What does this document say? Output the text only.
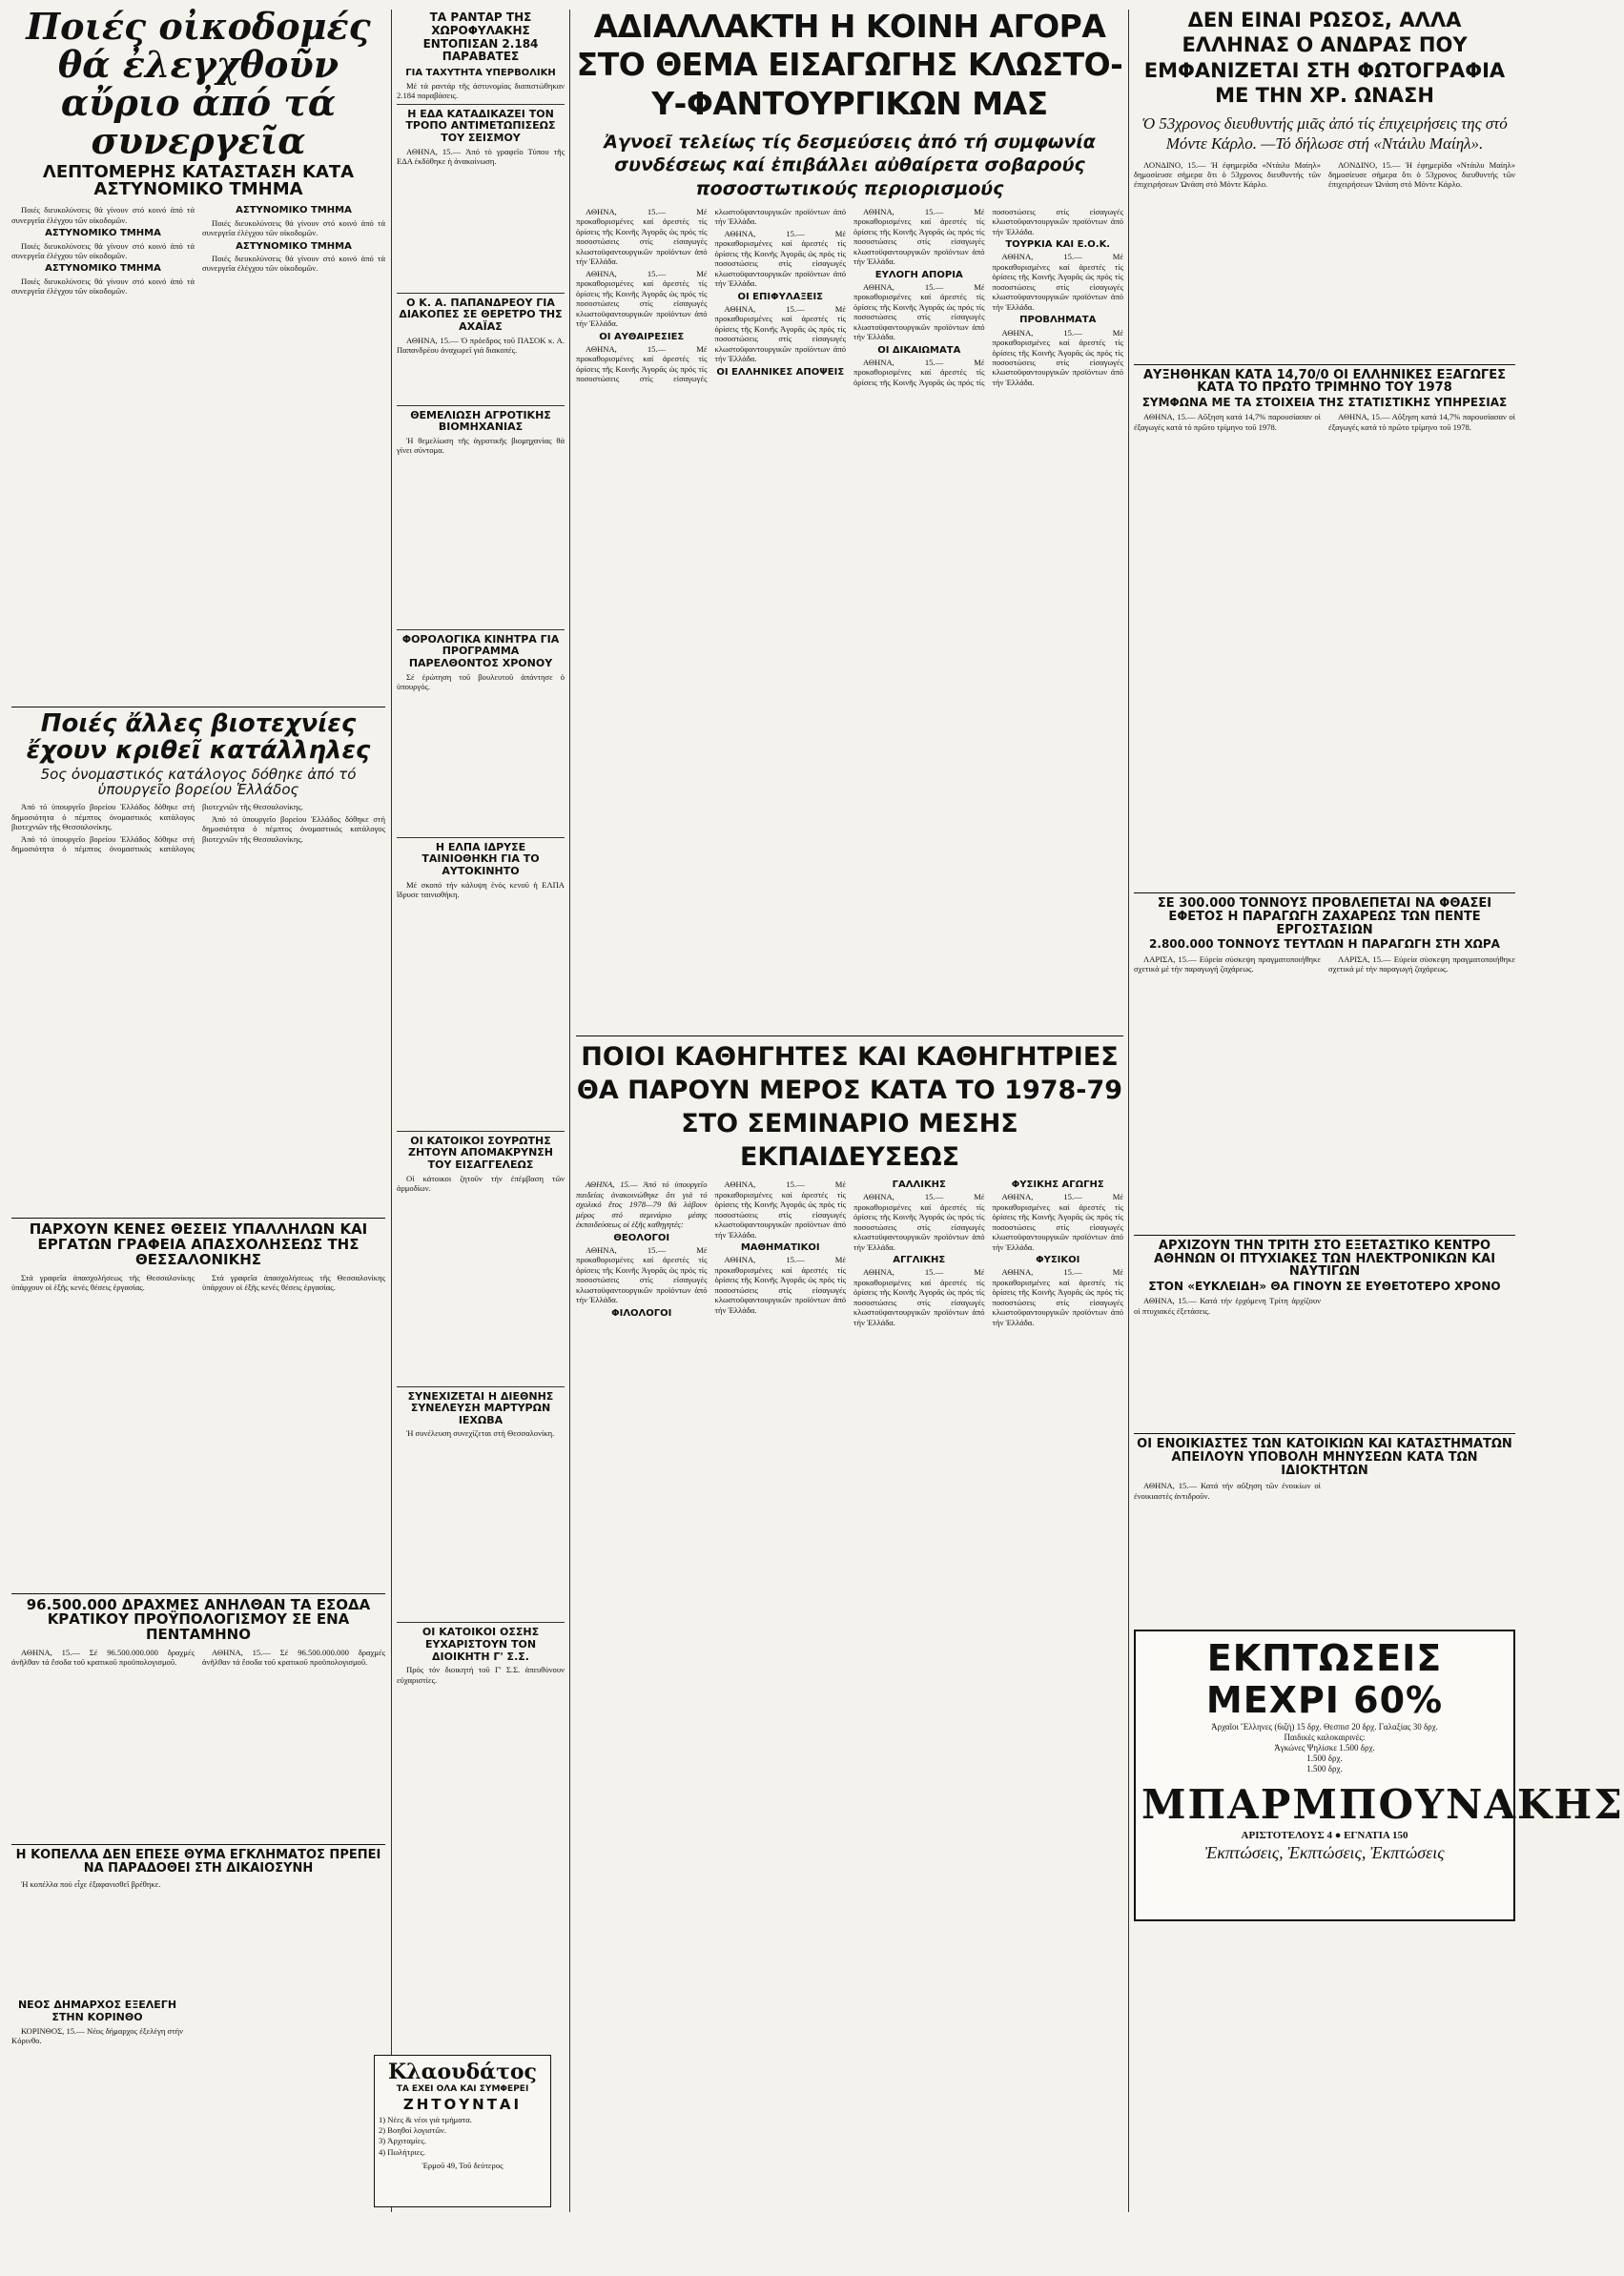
Ποιές οἰκοδομές θά ἐλεγχθοῦν αὔριο ἀπό τά συνεργεῖα
ΛΕΠΤΟΜΕΡΗΣ ΚΑΤΑΣΤΑΣΗ ΚΑΤΑ ΑΣΤΥΝΟΜΙΚΟ ΤΜΗΜΑ

Ποιές διευκολύνσεις θά γίνουν στό κοινό ἀπό τά συνεργεῖα ἐλέγχου τῶν οἰκοδομῶν.

ΑΣΤΥΝΟΜΙΚΟ ΤΜΗΜΑ

Ποιές διευκολύνσεις θά γίνουν στό κοινό ἀπό τά συνεργεῖα ἐλέγχου τῶν οἰκοδομῶν.

ΑΣΤΥΝΟΜΙΚΟ ΤΜΗΜΑ

Ποιές διευκολύνσεις θά γίνουν στό κοινό ἀπό τά συνεργεῖα ἐλέγχου τῶν οἰκοδομῶν.

ΑΣΤΥΝΟΜΙΚΟ ΤΜΗΜΑ

Ποιές διευκολύνσεις θά γίνουν στό κοινό ἀπό τά συνεργεῖα ἐλέγχου τῶν οἰκοδομῶν.

ΑΣΤΥΝΟΜΙΚΟ ΤΜΗΜΑ

Ποιές διευκολύνσεις θά γίνουν στό κοινό ἀπό τά συνεργεῖα ἐλέγχου τῶν οἰκοδομῶν.

Ποιές ἄλλες βιοτεχνίες ἔχουν κριθεῖ κατάλληλες
5ος ὀνομαστικός κατάλογος δόθηκε ἀπό τό ὑπουργεῖο βορείου Ἑλλάδος

Ἀπό τό ὑπουργεῖο βορείου Ἑλλάδος δόθηκε στή δημοσιότητα ὁ πέμπτος ὀνομαστικός κατάλογος βιοτεχνιῶν τῆς Θεσσαλονίκης.

Ἀπό τό ὑπουργεῖο βορείου Ἑλλάδος δόθηκε στή δημοσιότητα ὁ πέμπτος ὀνομαστικός κατάλογος βιοτεχνιῶν τῆς Θεσσαλονίκης.

Ἀπό τό ὑπουργεῖο βορείου Ἑλλάδος δόθηκε στή δημοσιότητα ὁ πέμπτος ὀνομαστικός κατάλογος βιοτεχνιῶν τῆς Θεσσαλονίκης.

ΠΑΡΧΟΥΝ ΚΕΝΕΣ ΘΕΣΕΙΣ ΥΠΑΛΛΗΛΩΝ ΚΑΙ ΕΡΓΑΤΩΝ ΓΡΑΦΕΙΑ ΑΠΑΣΧΟΛΗΣΕΩΣ ΤΗΣ ΘΕΣΣΑΛΟΝΙΚΗΣ

Στά γραφεῖα ἀπασχολήσεως τῆς Θεσσαλονίκης ὑπάρχουν οἱ ἑξῆς κενές θέσεις ἐργασίας.

Στά γραφεῖα ἀπασχολήσεως τῆς Θεσσαλονίκης ὑπάρχουν οἱ ἑξῆς κενές θέσεις ἐργασίας.

96.500.000 ΔΡΑΧΜΕΣ ΑΝΗΛΘΑΝ ΤΑ ΕΣΟΔΑ ΚΡΑΤΙΚΟΥ ΠΡΟΫΠΟΛΟΓΙΣΜΟΥ ΣΕ ΕΝΑ ΠΕΝΤΑΜΗΝΟ

ΑΘΗΝΑ, 15.— Σέ 96.500.000.000 δραχμές ἀνῆλθαν τά ἔσοδα τοῦ κρατικοῦ προϋπολογισμοῦ.

ΑΘΗΝΑ, 15.— Σέ 96.500.000.000 δραχμές ἀνῆλθαν τά ἔσοδα τοῦ κρατικοῦ προϋπολογισμοῦ.

Η ΚΟΠΕΛΛΑ ΔΕΝ ΕΠΕΣΕ ΘΥΜΑ ΕΓΚΛΗΜΑΤΟΣ ΠΡΕΠΕΙ ΝΑ ΠΑΡΑΔΟΘΕΙ ΣΤΗ ΔΙΚΑΙΟΣΥΝΗ

Ἡ κοπέλλα πού εἶχε ἐξαφανισθεῖ βρέθηκε.

ΝΕΟΣ ΔΗΜΑΡΧΟΣ ΕΞΕΛΕΓΗ ΣΤΗΝ ΚΟΡΙΝΘΟ

ΚΟΡΙΝΘΟΣ, 15.— Νέος δήμαρχος ἐξελέγη στήν Κόρινθο.

ΤΑ ΡΑΝΤΑΡ ΤΗΣ ΧΩΡΟΦΥΛΑΚΗΣ ΕΝΤΟΠΙΣΑΝ 2.184 ΠΑΡΑΒΑΤΕΣ
ΓΙΑ ΤΑΧΥΤΗΤΑ ΥΠΕΡΒΟΛΙΚΗ

Μέ τά ραντάρ τῆς ἀστυνομίας διαπιστώθηκαν 2.184 παραβάσεις.

Η ΕΔΑ ΚΑΤΑΔΙΚΑΖΕΙ ΤΟΝ ΤΡΟΠΟ ΑΝΤΙΜΕΤΩΠΙΣΕΩΣ ΤΟΥ ΣΕΙΣΜΟΥ

ΑΘΗΝΑ, 15.— Ἀπό τό γραφεῖο Τύπου τῆς ΕΔΑ ἐκδόθηκε ἡ ἀνακοίνωση.

Ο Κ. Α. ΠΑΠΑΝΔΡΕΟΥ ΓΙΑ ΔΙΑΚΟΠΕΣ ΣΕ ΘΕΡΕΤΡΟ ΤΗΣ ΑΧΑΪΑΣ

ΑΘΗΝΑ, 15.— Ὁ πρόεδρος τοῦ ΠΑΣΟΚ κ. Α. Παπανδρέου ἀναχωρεῖ γιά διακοπές.

ΘΕΜΕΛΙΩΣΗ ΑΓΡΟΤΙΚΗΣ ΒΙΟΜΗΧΑΝΙΑΣ

Ἡ θεμελίωση τῆς ἀγροτικῆς βιομηχανίας θά γίνει σύντομα.

ΦΟΡΟΛΟΓΙΚΑ ΚΙΝΗΤΡΑ ΓΙΑ ΠΡΟΓΡΑΜΜΑ ΠΑΡΕΛΘΟΝΤΟΣ ΧΡΟΝΟΥ

Σέ ἐρώτηση τοῦ βουλευτοῦ ἀπάντησε ὁ ὑπουργός.

Η ΕΛΠΑ ΙΔΡΥΣΕ ΤΑΙΝΙΟΘΗΚΗ ΓΙΑ ΤΟ ΑΥΤΟΚΙΝΗΤΟ

Μέ σκοπό τήν κάλυψη ἑνός κενοῦ ἡ ΕΛΠΑ ἵδρυσε ταινιοθήκη.

ΟΙ ΚΑΤΟΙΚΟΙ ΣΟΥΡΩΤΗΣ ΖΗΤΟΥΝ ΑΠΟΜΑΚΡΥΝΣΗ ΤΟΥ ΕΙΣΑΓΓΕΛΕΩΣ

Οἱ κάτοικοι ζητοῦν τήν ἐπέμβαση τῶν ἁρμοδίων.

ΣΥΝΕΧΙΖΕΤΑΙ Η ΔΙΕΘΝΗΣ ΣΥΝΕΛΕΥΣΗ ΜΑΡΤΥΡΩΝ ΙΕΧΩΒΑ

Ἡ συνέλευση συνεχίζεται στή Θεσσαλονίκη.

ΟΙ ΚΑΤΟΙΚΟΙ ΟΣΣΗΣ ΕΥΧΑΡΙΣΤΟΥΝ ΤΟΝ ΔΙΟΙΚΗΤΗ Γ' Σ.Σ.

Πρός τόν διοικητή τοῦ Γ' Σ.Σ. ἀπευθύνουν εὐχαριστίες.

Κλαουδάτος
ΤΑ ΕΧΕΙ ΟΛΑ ΚΑΙ ΣΥΜΦΕΡΕΙ
ΖΗΤΟΥΝΤΑΙ

1) Νέες & νέοι γιά τμήματα.

2) Βοηθοί λογιστῶν.

3) Ἀρχιταμίες.

4) Πωλήτριες.

Ἑρμοῦ 49, Τοῦ δεύτερος

ΑΔΙΑΛΛΑΚΤΗ Η ΚΟΙΝΗ ΑΓΟΡΑ ΣΤΟ ΘΕΜΑ ΕΙΣΑΓΩΓΗΣ ΚΛΩΣΤΟ-Υ-ΦΑΝΤΟΥΡΓΙΚΩΝ ΜΑΣ
Ἀγνοεῖ τελείως τίς δεσμεύσεις ἀπό τή συμφωνία συνδέσεως καί ἐπιβάλλει αὐθαίρετα σοβαρούς ποσοστωτικούς περιορισμούς

ΑΘΗΝΑ, 15.— Μέ προκαθορισμένες καί ἀρεστές τίς ὁρίσεις τῆς Κοινῆς Ἀγορᾶς ὡς πρός τίς ποσοστώσεις στίς εἰσαγωγές κλωστοϋφαντουργικῶν προϊόντων ἀπό τήν Ἑλλάδα.

ΑΘΗΝΑ, 15.— Μέ προκαθορισμένες καί ἀρεστές τίς ὁρίσεις τῆς Κοινῆς Ἀγορᾶς ὡς πρός τίς ποσοστώσεις στίς εἰσαγωγές κλωστοϋφαντουργικῶν προϊόντων ἀπό τήν Ἑλλάδα.

ΟΙ ΑΥΘΑΙΡΕΣΙΕΣ

ΑΘΗΝΑ, 15.— Μέ προκαθορισμένες καί ἀρεστές τίς ὁρίσεις τῆς Κοινῆς Ἀγορᾶς ὡς πρός τίς ποσοστώσεις στίς εἰσαγωγές κλωστοϋφαντουργικῶν προϊόντων ἀπό τήν Ἑλλάδα.

ΑΘΗΝΑ, 15.— Μέ προκαθορισμένες καί ἀρεστές τίς ὁρίσεις τῆς Κοινῆς Ἀγορᾶς ὡς πρός τίς ποσοστώσεις στίς εἰσαγωγές κλωστοϋφαντουργικῶν προϊόντων ἀπό τήν Ἑλλάδα.

ΟΙ ΕΠΙΦΥΛΑΞΕΙΣ

ΑΘΗΝΑ, 15.— Μέ προκαθορισμένες καί ἀρεστές τίς ὁρίσεις τῆς Κοινῆς Ἀγορᾶς ὡς πρός τίς ποσοστώσεις στίς εἰσαγωγές κλωστοϋφαντουργικῶν προϊόντων ἀπό τήν Ἑλλάδα.

ΟΙ ΕΛΛΗΝΙΚΕΣ ΑΠΟΨΕΙΣ

ΑΘΗΝΑ, 15.— Μέ προκαθορισμένες καί ἀρεστές τίς ὁρίσεις τῆς Κοινῆς Ἀγορᾶς ὡς πρός τίς ποσοστώσεις στίς εἰσαγωγές κλωστοϋφαντουργικῶν προϊόντων ἀπό τήν Ἑλλάδα.

ΕΥΛΟΓΗ ΑΠΟΡΙΑ

ΑΘΗΝΑ, 15.— Μέ προκαθορισμένες καί ἀρεστές τίς ὁρίσεις τῆς Κοινῆς Ἀγορᾶς ὡς πρός τίς ποσοστώσεις στίς εἰσαγωγές κλωστοϋφαντουργικῶν προϊόντων ἀπό τήν Ἑλλάδα.

ΟΙ ΔΙΚΑΙΩΜΑΤΑ

ΑΘΗΝΑ, 15.— Μέ προκαθορισμένες καί ἀρεστές τίς ὁρίσεις τῆς Κοινῆς Ἀγορᾶς ὡς πρός τίς ποσοστώσεις στίς εἰσαγωγές κλωστοϋφαντουργικῶν προϊόντων ἀπό τήν Ἑλλάδα.

ΤΟΥΡΚΙΑ ΚΑΙ Ε.Ο.Κ.

ΑΘΗΝΑ, 15.— Μέ προκαθορισμένες καί ἀρεστές τίς ὁρίσεις τῆς Κοινῆς Ἀγορᾶς ὡς πρός τίς ποσοστώσεις στίς εἰσαγωγές κλωστοϋφαντουργικῶν προϊόντων ἀπό τήν Ἑλλάδα.

ΠΡΟΒΛΗΜΑΤΑ

ΑΘΗΝΑ, 15.— Μέ προκαθορισμένες καί ἀρεστές τίς ὁρίσεις τῆς Κοινῆς Ἀγορᾶς ὡς πρός τίς ποσοστώσεις στίς εἰσαγωγές κλωστοϋφαντουργικῶν προϊόντων ἀπό τήν Ἑλλάδα.

ΠΟΙΟΙ ΚΑΘΗΓΗΤΕΣ ΚΑΙ ΚΑΘΗΓΗΤΡΙΕΣ ΘΑ ΠΑΡΟΥΝ ΜΕΡΟΣ ΚΑΤΑ ΤΟ 1978-79 ΣΤΟ ΣΕΜΙΝΑΡΙΟ ΜΕΣΗΣ ΕΚΠΑΙΔΕΥΣΕΩΣ

ΑΘΗΝΑ, 15.— Ἀπό τό ὑπουργεῖο παιδείας ἀνακοινώθηκε ὅτι γιά τό σχολικό ἔτος 1978—79 θά λάβουν μέρος στό σεμινάριο μέσης ἐκπαιδεύσεως οἱ ἑξῆς καθηγητές:

ΘΕΟΛΟΓΟΙ

ΑΘΗΝΑ, 15.— Μέ προκαθορισμένες καί ἀρεστές τίς ὁρίσεις τῆς Κοινῆς Ἀγορᾶς ὡς πρός τίς ποσοστώσεις στίς εἰσαγωγές κλωστοϋφαντουργικῶν προϊόντων ἀπό τήν Ἑλλάδα.

ΦΙΛΟΛΟΓΟΙ

ΑΘΗΝΑ, 15.— Μέ προκαθορισμένες καί ἀρεστές τίς ὁρίσεις τῆς Κοινῆς Ἀγορᾶς ὡς πρός τίς ποσοστώσεις στίς εἰσαγωγές κλωστοϋφαντουργικῶν προϊόντων ἀπό τήν Ἑλλάδα.

ΜΑΘΗΜΑΤΙΚΟΙ

ΑΘΗΝΑ, 15.— Μέ προκαθορισμένες καί ἀρεστές τίς ὁρίσεις τῆς Κοινῆς Ἀγορᾶς ὡς πρός τίς ποσοστώσεις στίς εἰσαγωγές κλωστοϋφαντουργικῶν προϊόντων ἀπό τήν Ἑλλάδα.

ΓΑΛΛΙΚΗΣ

ΑΘΗΝΑ, 15.— Μέ προκαθορισμένες καί ἀρεστές τίς ὁρίσεις τῆς Κοινῆς Ἀγορᾶς ὡς πρός τίς ποσοστώσεις στίς εἰσαγωγές κλωστοϋφαντουργικῶν προϊόντων ἀπό τήν Ἑλλάδα.

ΑΓΓΛΙΚΗΣ

ΑΘΗΝΑ, 15.— Μέ προκαθορισμένες καί ἀρεστές τίς ὁρίσεις τῆς Κοινῆς Ἀγορᾶς ὡς πρός τίς ποσοστώσεις στίς εἰσαγωγές κλωστοϋφαντουργικῶν προϊόντων ἀπό τήν Ἑλλάδα.

ΦΥΣΙΚΗΣ ΑΓΩΓΗΣ

ΑΘΗΝΑ, 15.— Μέ προκαθορισμένες καί ἀρεστές τίς ὁρίσεις τῆς Κοινῆς Ἀγορᾶς ὡς πρός τίς ποσοστώσεις στίς εἰσαγωγές κλωστοϋφαντουργικῶν προϊόντων ἀπό τήν Ἑλλάδα.

ΦΥΣΙΚΟΙ

ΑΘΗΝΑ, 15.— Μέ προκαθορισμένες καί ἀρεστές τίς ὁρίσεις τῆς Κοινῆς Ἀγορᾶς ὡς πρός τίς ποσοστώσεις στίς εἰσαγωγές κλωστοϋφαντουργικῶν προϊόντων ἀπό τήν Ἑλλάδα.

ΔΕΝ ΕΙΝΑΙ ΡΩΣΟΣ, ΑΛΛΑ ΕΛΛΗΝΑΣ Ο ΑΝΔΡΑΣ ΠΟΥ ΕΜΦΑΝΙΖΕΤΑΙ ΣΤΗ ΦΩΤΟΓΡΑΦΙΑ ΜΕ ΤΗΝ ΧΡ. ΩΝΑΣΗ
Ὁ 53χρονος διευθυντής μιᾶς ἀπό τίς ἐπιχειρήσεις της στό Μόντε Κάρλο. —Τό δήλωσε στή «Ντάιλυ Μαίηλ».

ΛΟΝΔΙΝΟ, 15.— Ἡ ἐφημερίδα «Ντάιλυ Μαίηλ» δημοσίευσε σήμερα ὅτι ὁ 53χρονος διευθυντής τῶν ἐπιχειρήσεων Ὠνάση στό Μόντε Κάρλο.

ΛΟΝΔΙΝΟ, 15.— Ἡ ἐφημερίδα «Ντάιλυ Μαίηλ» δημοσίευσε σήμερα ὅτι ὁ 53χρονος διευθυντής τῶν ἐπιχειρήσεων Ὠνάση στό Μόντε Κάρλο.

ΑΥΞΗΘΗΚΑΝ ΚΑΤΑ 14,70/0 ΟΙ ΕΛΛΗΝΙΚΕΣ ΕΞΑΓΩΓΕΣ ΚΑΤΑ ΤΟ ΠΡΩΤΟ ΤΡΙΜΗΝΟ ΤΟΥ 1978
ΣΥΜΦΩΝΑ ΜΕ ΤΑ ΣΤΟΙΧΕΙΑ ΤΗΣ ΣΤΑΤΙΣΤΙΚΗΣ ΥΠΗΡΕΣΙΑΣ

ΑΘΗΝΑ, 15.— Αὔξηση κατά 14,7% παρουσίασαν οἱ ἐξαγωγές κατά τό πρῶτο τρίμηνο τοῦ 1978.

ΑΘΗΝΑ, 15.— Αὔξηση κατά 14,7% παρουσίασαν οἱ ἐξαγωγές κατά τό πρῶτο τρίμηνο τοῦ 1978.

ΣΕ 300.000 ΤΟΝΝΟΥΣ ΠΡΟΒΛΕΠΕΤΑΙ ΝΑ ΦΘΑΣΕΙ ΕΦΕΤΟΣ Η ΠΑΡΑΓΩΓΗ ΖΑΧΑΡΕΩΣ ΤΩΝ ΠΕΝΤΕ ΕΡΓΟΣΤΑΣΙΩΝ
2.800.000 ΤΟΝΝΟΥΣ ΤΕΥΤΛΩΝ Η ΠΑΡΑΓΩΓΗ ΣΤΗ ΧΩΡΑ

ΛΑΡΙΣΑ, 15.— Εὐρεία σύσκεψη πραγματοποιήθηκε σχετικά μέ τήν παραγωγή ζαχάρεως.

ΛΑΡΙΣΑ, 15.— Εὐρεία σύσκεψη πραγματοποιήθηκε σχετικά μέ τήν παραγωγή ζαχάρεως.

ΑΡΧΙΖΟΥΝ ΤΗΝ ΤΡΙΤΗ ΣΤΟ ΕΞΕΤΑΣΤΙΚΟ ΚΕΝΤΡΟ ΑΘΗΝΩΝ ΟΙ ΠΤΥΧΙΑΚΕΣ ΤΩΝ ΗΛΕΚΤΡΟΝΙΚΩΝ ΚΑΙ ΝΑΥΤΙΓΩΝ
ΣΤΟΝ «ΕΥΚΛΕΙΔΗ» ΘΑ ΓΙΝΟΥΝ ΣΕ ΕΥΘΕΤΟΤΕΡΟ ΧΡΟΝΟ

ΑΘΗΝΑ, 15.— Κατά τήν ἐρχόμενη Τρίτη ἀρχίζουν οἱ πτυχιακές ἐξετάσεις.

ΟΙ ΕΝΟΙΚΙΑΣΤΕΣ ΤΩΝ ΚΑΤΟΙΚΙΩΝ ΚΑΙ ΚΑΤΑΣΤΗΜΑΤΩΝ ΑΠΕΙΛΟΥΝ ΥΠΟΒΟΛΗ ΜΗΝΥΣΕΩΝ ΚΑΤΑ ΤΩΝ ΙΔΙΟΚΤΗΤΩΝ

ΑΘΗΝΑ, 15.— Κατά τήν αὔξηση τῶν ἐνοικίων οἱ ἐνοικιαστές ἀντιδροῦν.

ΕΚΠΤΩΣΕΙΣ ΜΕΧΡΙ 60%

Ἀρχαῖοι Ἕλληνες (6ιζή) 15 δρχ. Θεσπισ 20 δρχ. Γαλαξίας 30 δρχ.

Παιδικές καλοκαιρινές:

Ἀγκώνες Ψηλίσκε 1.500 δρχ.

1.500 δρχ.

1.500 δρχ.

ΜΠΑΡΜΠΟΥΝΑΚΗΣ

ΑΡΙΣΤΟΤΕΛΟΥΣ 4 ● ΕΓΝΑΤΙΑ 150

Ἐκπτώσεις, Ἐκπτώσεις, Ἐκπτώσεις
